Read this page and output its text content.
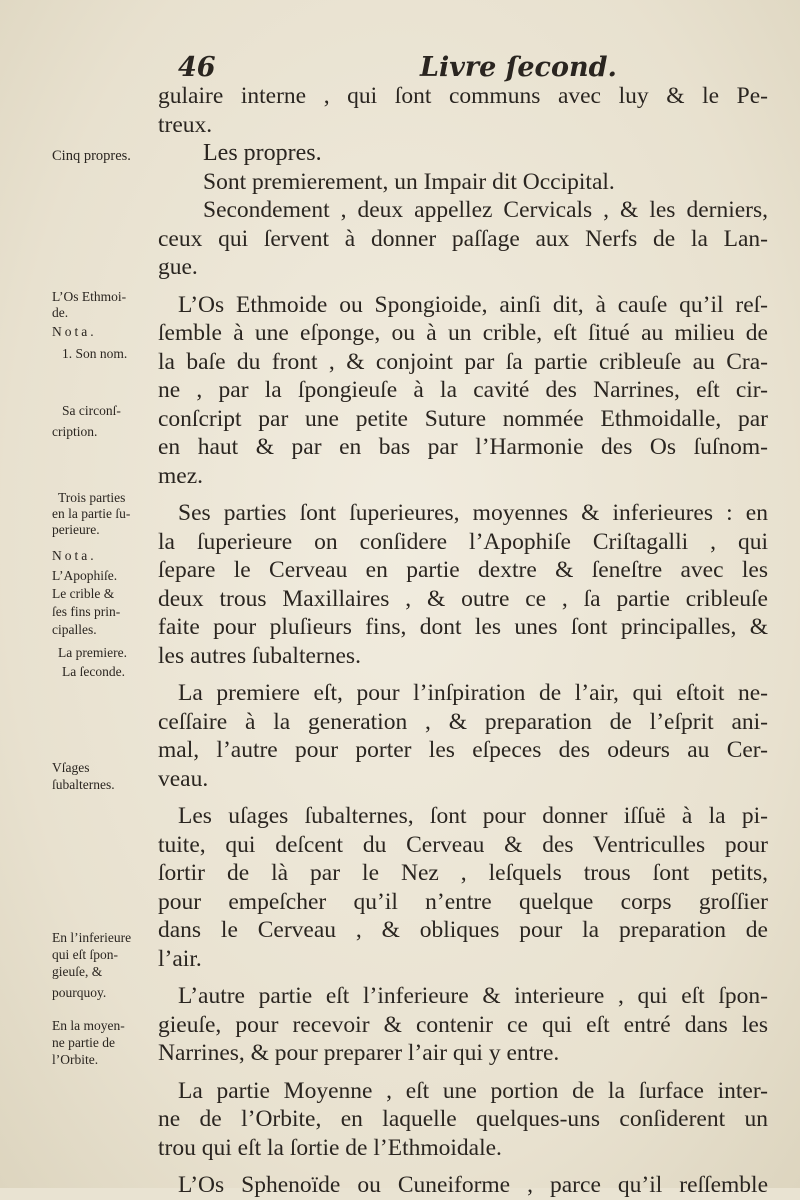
46	Livre ſecond.
gulaire interne , qui ſont communs avec luy & le Pe-
treux.
Les propres.
Sont premierement, un Impair dit Occipital.
Secondement , deux appellez Cervicals , & les derniers,
ceux qui ſervent à donner paſſage aux Nerfs de la Lan-
gue.
L’Os Ethmoide ou Spongioide, ainſi dit, à cauſe qu’il reſ-
ſemble à une eſponge, ou à un crible, eſt ſitué au milieu de
la baſe du front , & conjoint par ſa partie cribleuſe au Cra-
ne , par la ſpongieuſe à la cavité des Narrines, eſt cir-
conſcript par une petite Suture nommée Ethmoidalle, par
en haut & par en bas par l’Harmonie des Os ſuſnom-
mez.
Ses parties ſont ſuperieures, moyennes & inferieures : en
la ſuperieure on conſidere l’Apophiſe Criſtagalli , qui
ſepare le Cerveau en partie dextre & ſeneſtre avec les
deux trous Maxillaires , & outre ce , ſa partie cribleuſe
faite pour pluſieurs fins, dont les unes ſont principalles, &
les autres ſubalternes.
La premiere eſt, pour l’inſpiration de l’air, qui eſtoit ne-
ceſſaire à la generation , & preparation de l’eſprit ani-
mal, l’autre pour porter les eſpeces des odeurs au Cer-
veau.
Les uſages ſubalternes, ſont pour donner iſſuë à la pi-
tuite, qui deſcent du Cerveau & des Ventriculles pour
ſortir de là par le Nez , leſquels trous ſont petits,
pour empeſcher qu’il n’entre quelque corps groſſier
dans le Cerveau , & obliques pour la preparation de
l’air.
L’autre partie eſt l’inferieure & interieure , qui eſt ſpon-
gieuſe, pour recevoir & contenir ce qui eſt entré dans les
Narrines, & pour preparer l’air qui y entre.
La partie Moyenne , eſt une portion de la ſurface inter-
ne de l’Orbite, en laquelle quelques-uns conſiderent un
trou qui eſt la ſortie de l’Ethmoidale.
L’Os Sphenoïde ou Cuneiforme , parce qu’il reſſemble
Cinq propres.
L’Os Ethmoi-
de.
Nota.
1. Son nom.
Sa circonſ-
cription.
Trois parties
en la partie ſu-
perieure.
Nota.
L’Apophiſe.
Le crible &
ſes fins prin-
cipalles.
La premiere.
La ſeconde.
Vſages
ſubalternes.
En l’inferieure
qui eſt ſpon-
gieuſe, &
pourquoy.
En la moyen-
ne partie de
l’Orbite.
